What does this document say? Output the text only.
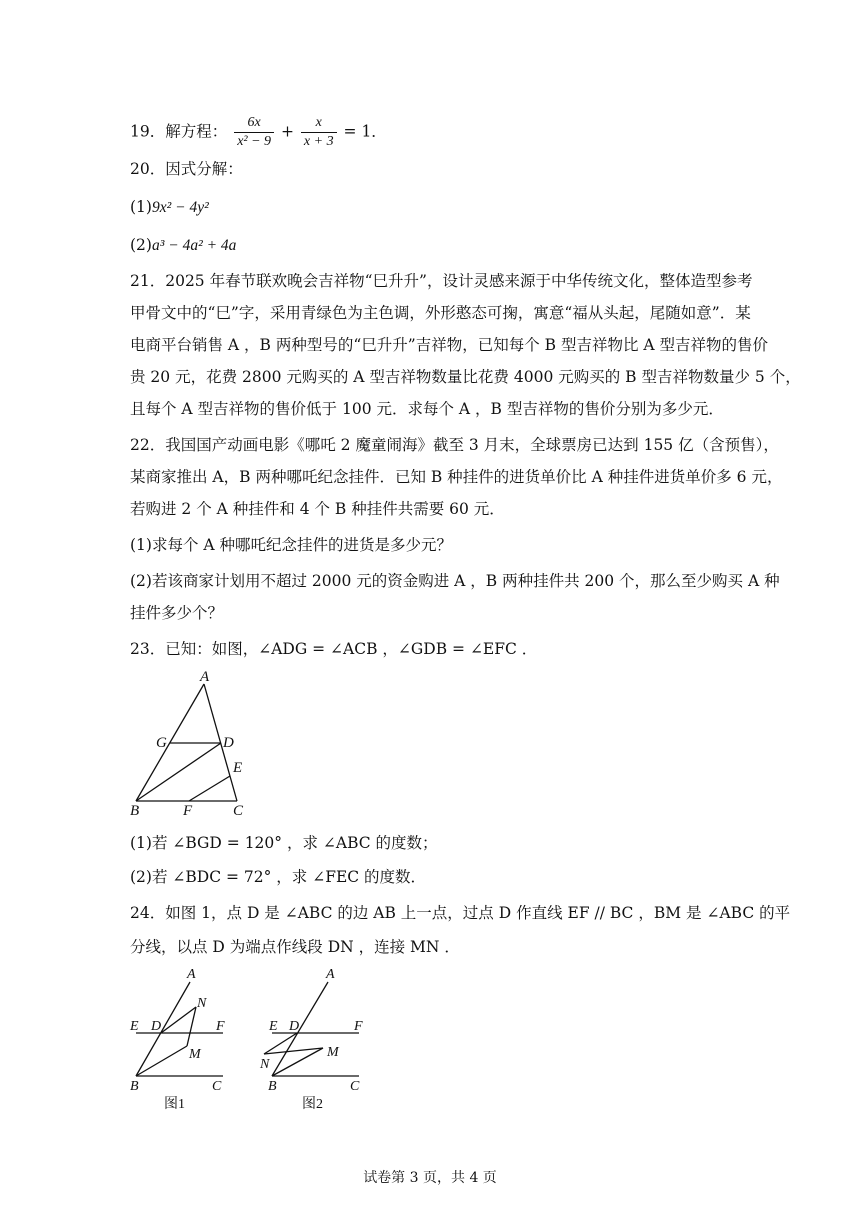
19．解方程： $\frac{6x}{\text{x² − 9}} + \frac{x}{x + 3} = 1$．
20．因式分解：
(1)9x² − 4y²
(2)a³ − 4a² + 4a
21．2025 年春节联欢晚会吉祥物“巳升升”，设计灵感来源于中华传统文化，整体造型参考
甲骨文中的“巳”字，采用青绿色为主色调，外形憨态可掬，寓意“福从头起，尾随如意”．某
电商平台销售 A ，B 两种型号的“巳升升”吉祥物，已知每个 B 型吉祥物比 A 型吉祥物的售价
贵 20 元，花费 2800 元购买的 A 型吉祥物数量比花费 4000 元购买的 B 型吉祥物数量少 5 个，
且每个 A 型吉祥物的售价低于 100 元．求每个 A ，B 型吉祥物的售价分别为多少元．
22．我国国产动画电影《哪吒 2 魔童闹海》截至 3 月末，全球票房已达到 155 亿（含预售），
某商家推出 A，B 两种哪吒纪念挂件．已知 B 种挂件的进货单价比 A 种挂件进货单价多 6 元，
若购进 2 个 A 种挂件和 4 个 B 种挂件共需要 60 元．
(1)求每个 A 种哪吒纪念挂件的进货是多少元？
(2)若该商家计划用不超过 2000 元的资金购进 A ，B 两种挂件共 200 个，那么至少购买 A 种
挂件多少个？
23．已知：如图，∠ADG = ∠ACB ，∠GDB = ∠EFC ．
A
G	D
E
B	F	C
(1)若 ∠BGD = 120° ，求 ∠ABC 的度数；
(2)若 ∠BDC = 72° ，求 ∠FEC 的度数．
24．如图 1，点 D 是 ∠ABC 的边 AB 上一点，过点 D 作直线 EF // BC ，BM 是 ∠ABC 的平
分线，以点 D 为端点作线段 DN ，连接 MN ．
A
N
E D	F
M
B	C
图1
A
E D	F
N
M
B	C
图2
试卷第 3 页，共 4 页
